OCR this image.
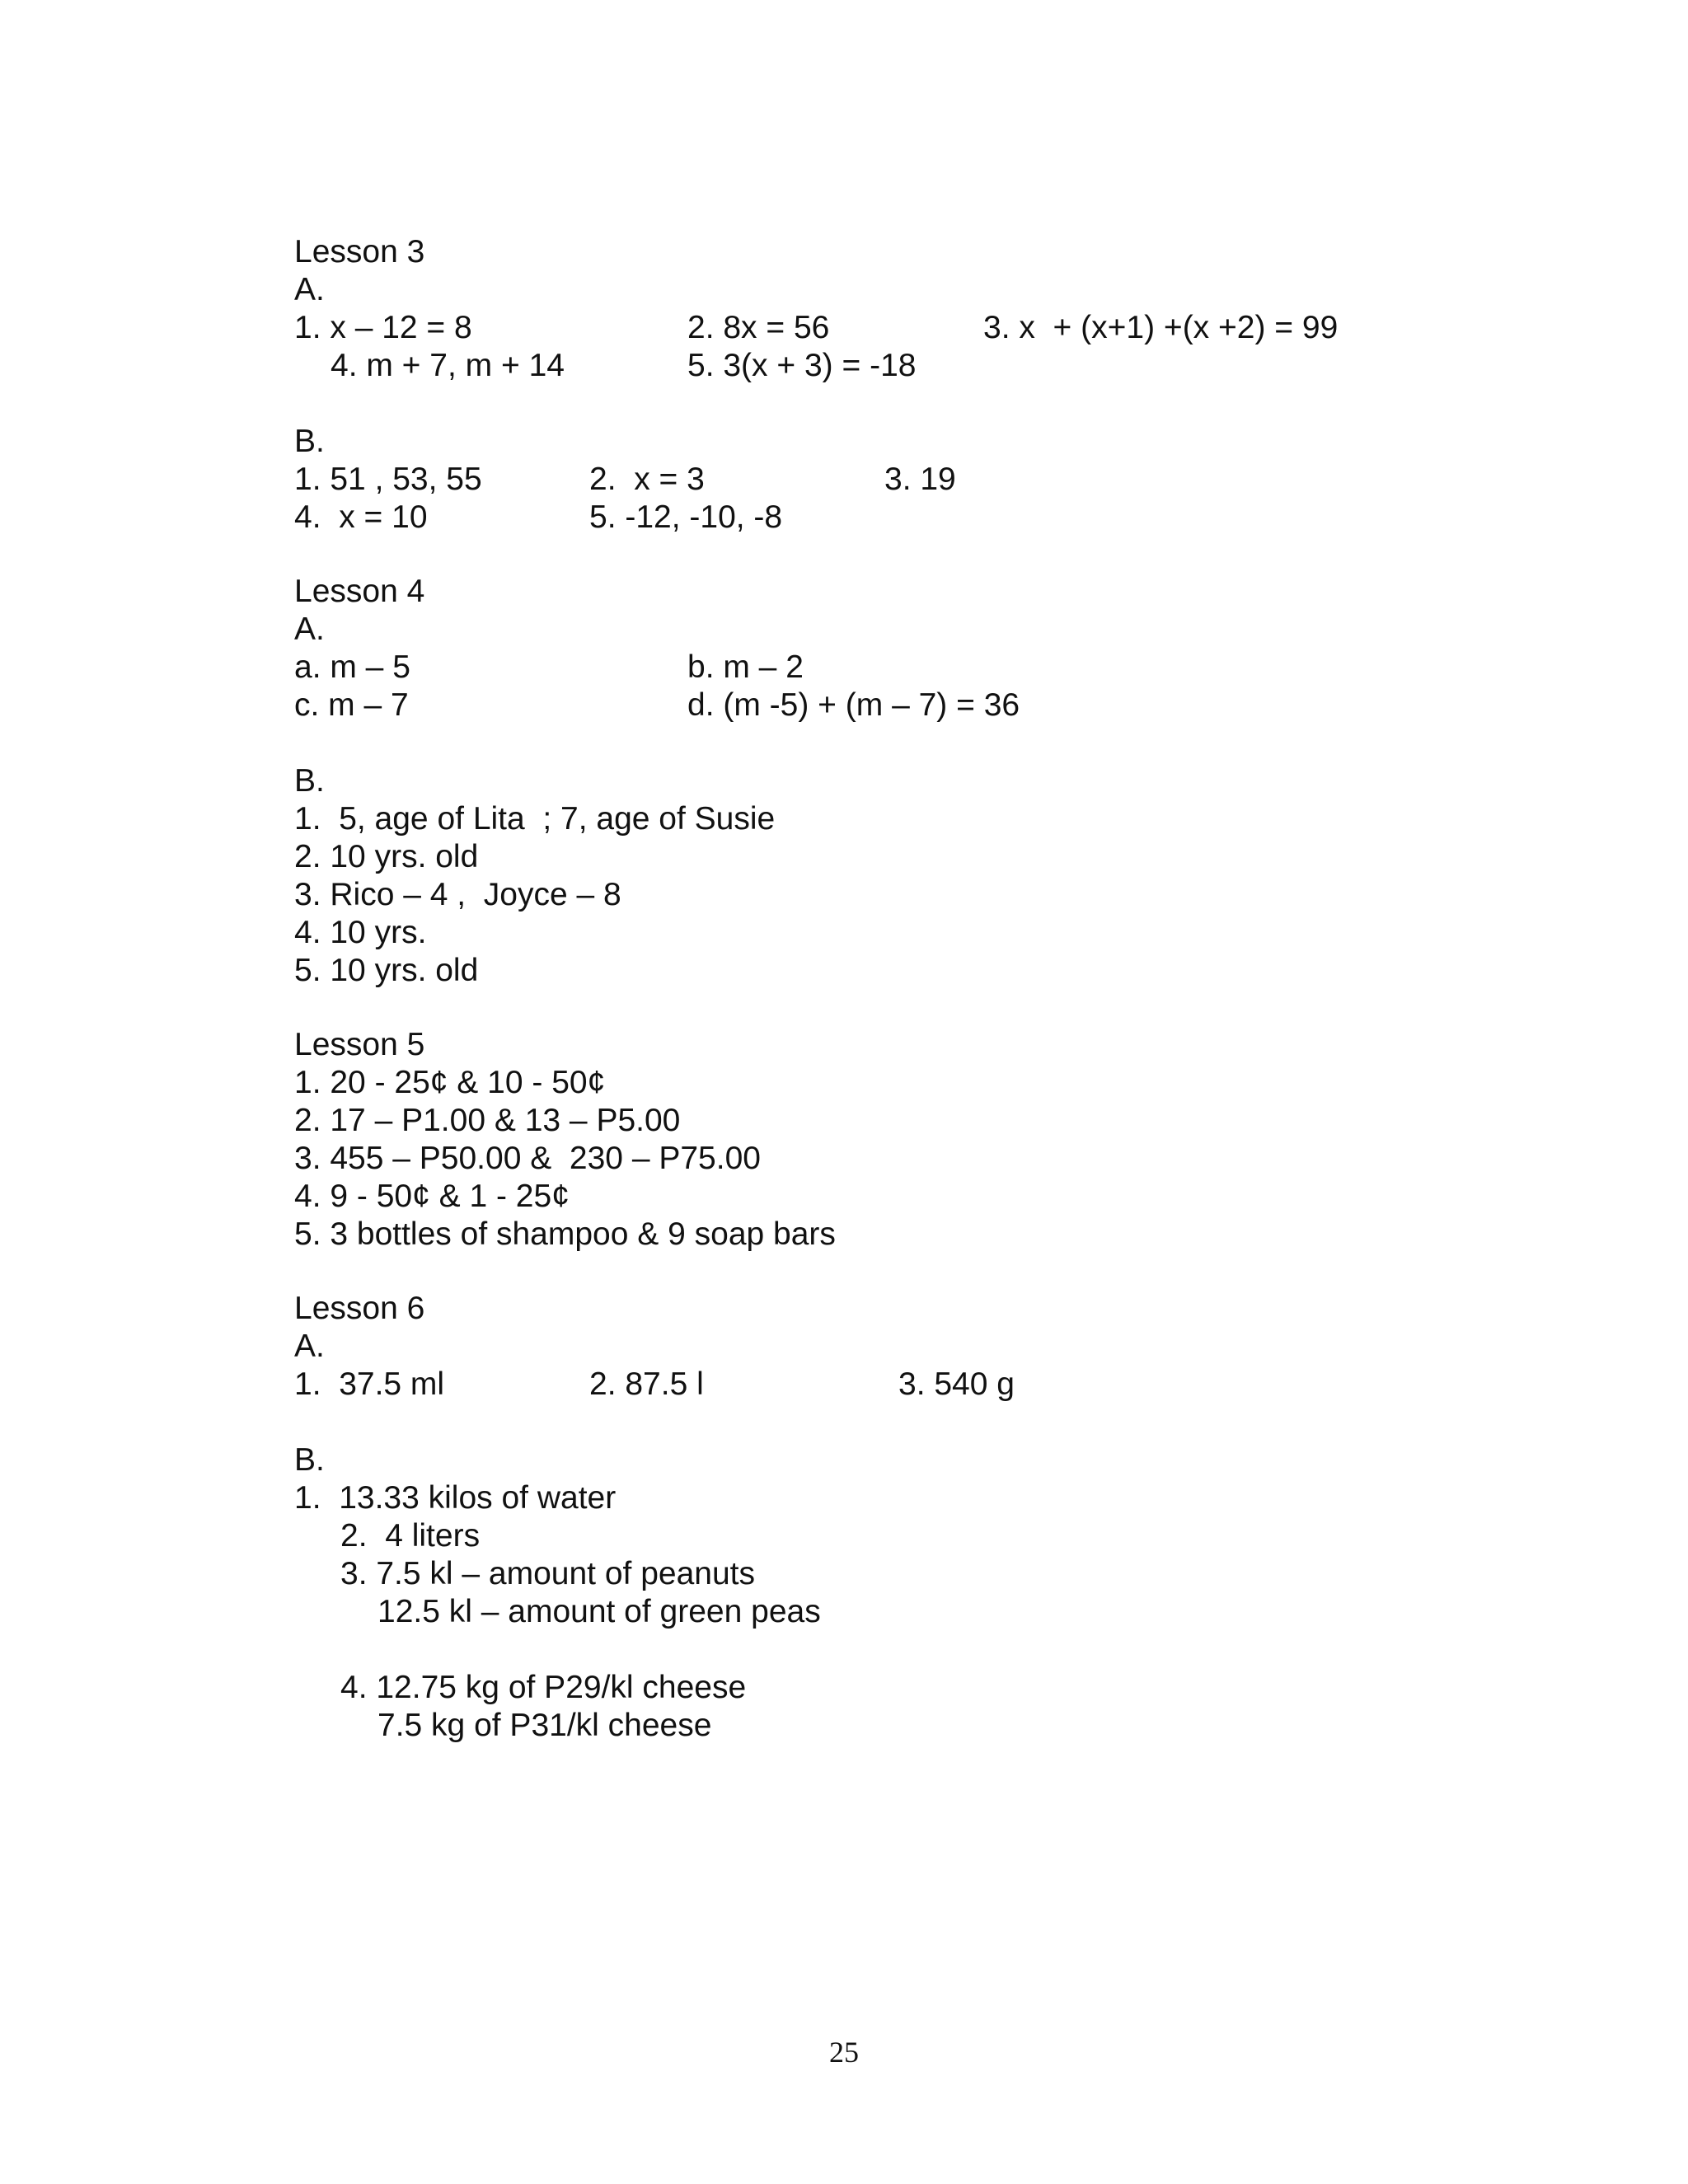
Lesson 3
A.
1. x – 12 = 8	2. 8x = 56	3. x  + (x+1) +(x +2) = 99
4. m + 7, m + 14	5. 3(x + 3) = -18
B.
1. 51 , 53, 55	2.  x = 3	3. 19
4.  x = 10	5. -12, -10, -8
Lesson 4
A.
a. m – 5	b. m – 2
c. m – 7	d. (m -5) + (m – 7) = 36
B.
1.  5, age of Lita  ; 7, age of Susie
2. 10 yrs. old
3. Rico – 4 ,  Joyce – 8
4. 10 yrs.
5. 10 yrs. old
Lesson 5
1. 20 - 25¢ & 10 - 50¢
2. 17 – P1.00 & 13 – P5.00
3. 455 – P50.00 &  230 – P75.00
4. 9 - 50¢ & 1 - 25¢
5. 3 bottles of shampoo & 9 soap bars
Lesson 6
A.
1.  37.5 ml	2. 87.5 l	3. 540 g
B.
1.  13.33 kilos of water
2.  4 liters
3. 7.5 kl – amount of peanuts
12.5 kl – amount of green peas
4. 12.75 kg of P29/kl cheese
7.5 kg of P31/kl cheese
25
